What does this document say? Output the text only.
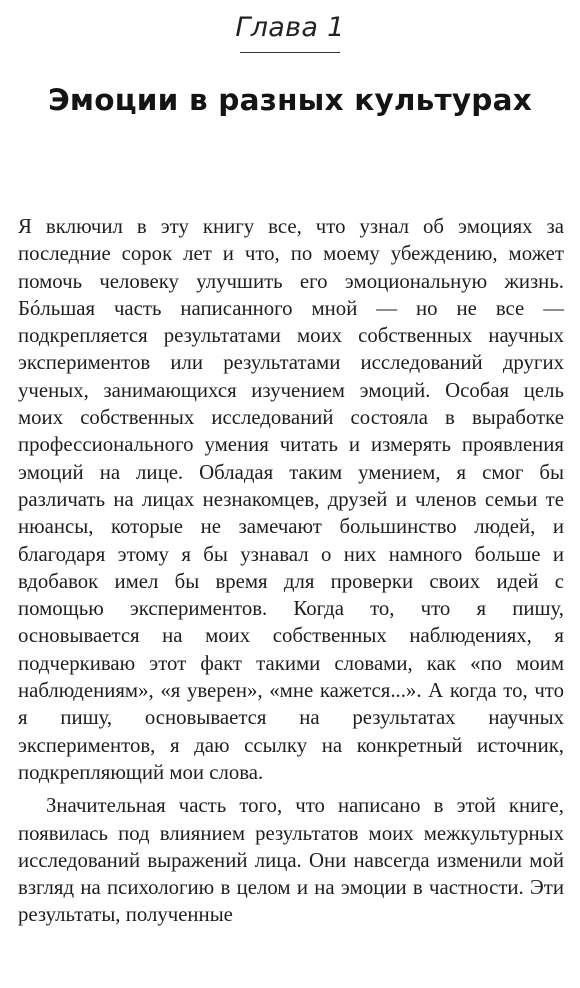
Глава 1
Эмоции в разных культурах

Я включил в эту книгу все, что узнал об эмоциях за последние сорок лет и что, по моему убеждению, может помочь человеку улучшить его эмоциональную жизнь. Бóльшая часть написанного мной — но не все — подкрепляется результатами моих собственных научных экспериментов или результатами исследований других ученых, занимающихся изучением эмоций. Особая цель моих собственных исследований состояла в выработке профессионального умения читать и измерять проявления эмоций на лице. Обладая таким умением, я смог бы различать на лицах незнакомцев, друзей и членов семьи те нюансы, которые не замечают большинство людей, и благодаря этому я бы узнавал о них намного больше и вдобавок имел бы время для проверки своих идей с помощью экспериментов. Когда то, что я пишу, основывается на моих собственных наблюдениях, я подчеркиваю этот факт такими словами, как «по моим наблюдениям», «я уверен», «мне кажется...». А когда то, что я пишу, основывается на результатах научных экспериментов, я даю ссылку на конкретный источник, подкрепляющий мои слова.

Значительная часть того, что написано в этой книге, появилась под влиянием результатов моих межкультурных исследований выражений лица. Они навсегда изменили мой взгляд на психологию в целом и на эмоции в частности. Эти результаты, полученные
